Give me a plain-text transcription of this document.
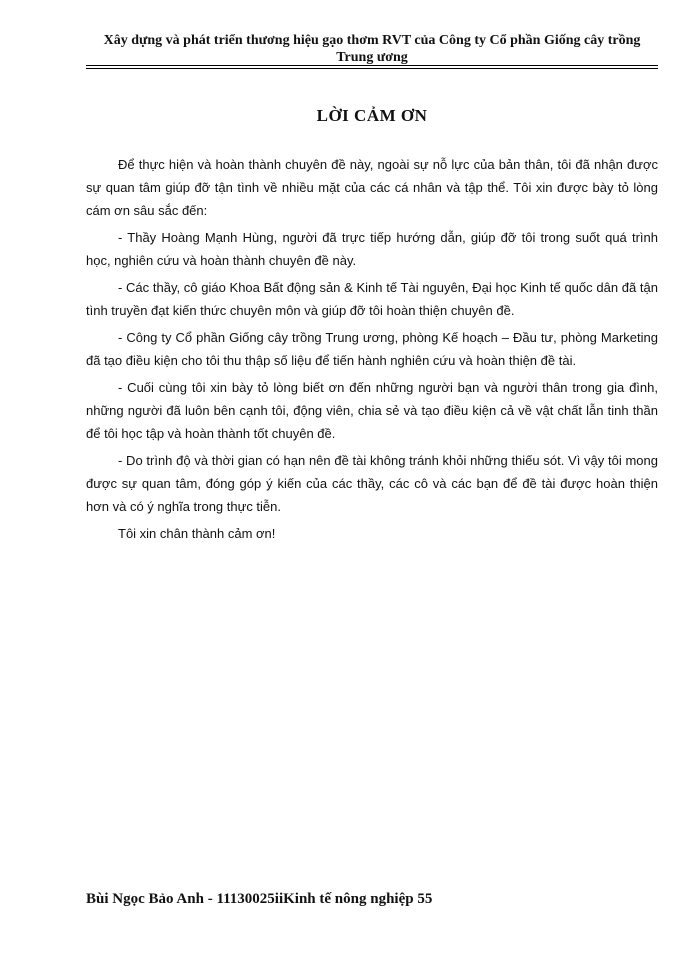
Xây dựng và phát triển thương hiệu gạo thơm RVT của Công ty Cổ phần Giống cây trồng
Trung ương
LỜI CẢM ƠN

Để thực hiện và hoàn thành chuyên đề này, ngoài sự nỗ lực của bản thân, tôi đã nhận được sự quan tâm giúp đỡ tận tình về nhiều mặt của các cá nhân và tập thể. Tôi xin được bày tỏ lòng cám ơn sâu sắc đến:

- Thầy Hoàng Mạnh Hùng, người đã trực tiếp hướng dẫn, giúp đỡ tôi trong suốt quá trình học, nghiên cứu và hoàn thành chuyên đề này.

- Các thầy, cô giáo Khoa Bất động sản & Kinh tế Tài nguyên, Đại học Kinh tế quốc dân đã tận tình truyền đạt kiến thức chuyên môn và giúp đỡ tôi hoàn thiện chuyên đề.

- Công ty Cổ phần Giống cây trồng Trung ương, phòng Kế hoạch – Đầu tư, phòng Marketing đã tạo điều kiện cho tôi thu thập số liệu để tiến hành nghiên cứu và hoàn thiện đề tài.

- Cuối cùng tôi xin bày tỏ lòng biết ơn đến những người bạn và người thân trong gia đình, những người đã luôn bên cạnh tôi, động viên, chia sẻ và tạo điều kiện cả về vật chất lẫn tinh thần để tôi học tập và hoàn thành tốt chuyên đề.

- Do trình độ và thời gian có hạn nên đề tài không tránh khỏi những thiếu sót. Vì vậy tôi mong được sự quan tâm, đóng góp ý kiến của các thầy, các cô và các bạn để đề tài được hoàn thiện hơn và có ý nghĩa trong thực tiễn.

Tôi xin chân thành cảm ơn!

Bùi Ngọc Bảo Anh - 11130025iiKinh tế nông nghiệp 55
